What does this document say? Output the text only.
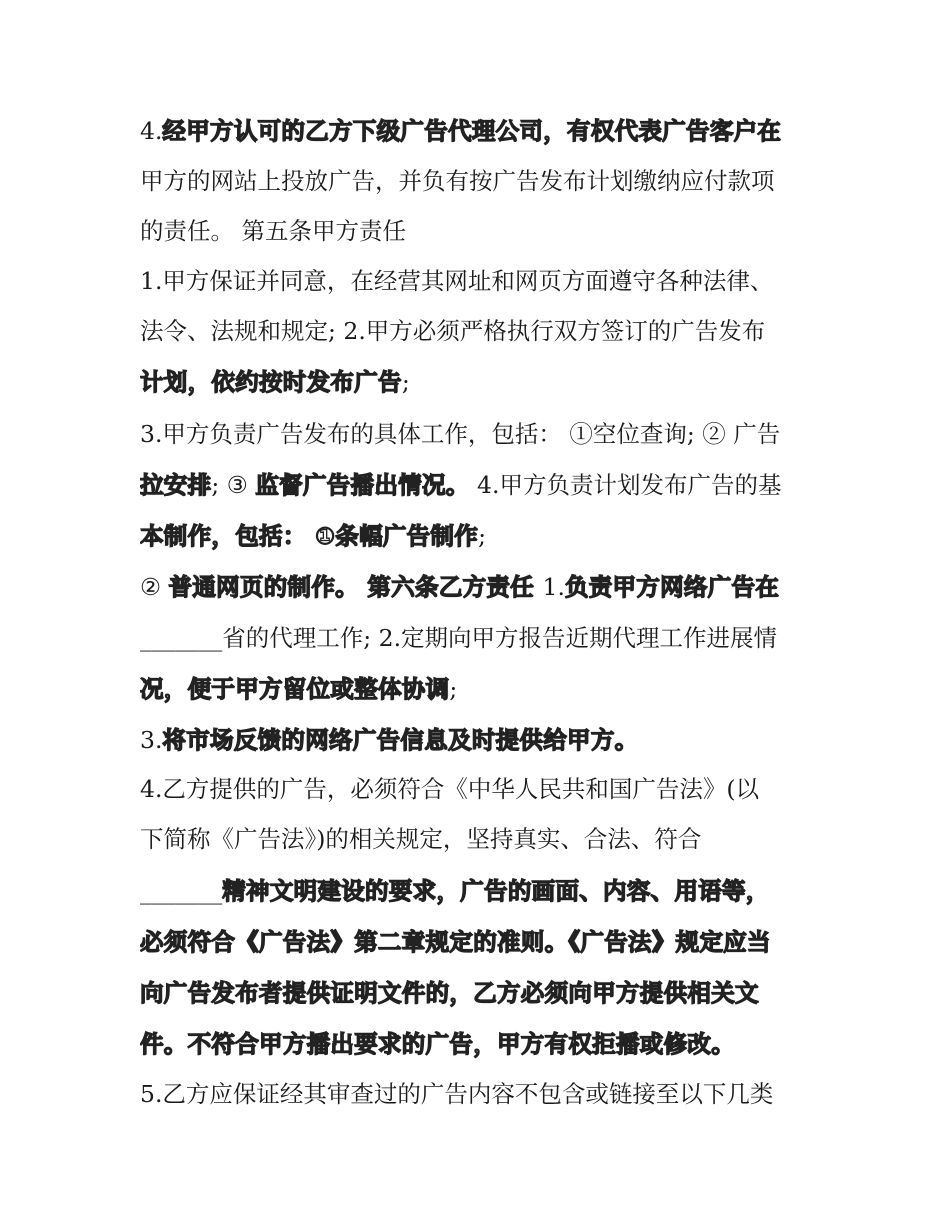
4.经甲方认可的乙方下级广告代理公司，有权代表广告客户在
甲方的网站上投放广告，并负有按广告发布计划缴纳应付款项
的责任。 第五条甲方责任
1.甲方保证并同意，在经营其网址和网页方面遵守各种法律、
法令、法规和规定; 2.甲方必须严格执行双方签订的广告发布
计划，依约按时发布广告;
3.甲方负责广告发布的具体工作，包括： ①空位查询; ② 广告
拉安排; ③ 监督广告播出情况。 4.甲方负责计划发布广告的基
本制作，包括： ①条幅广告制作;
② 普通网页的制作。 第六条乙方责任 1.负责甲方网络广告在
_______省的代理工作; 2.定期向甲方报告近期代理工作进展情
况，便于甲方留位或整体协调;
3.将市场反馈的网络广告信息及时提供给甲方。
4.乙方提供的广告，必须符合《中华人民共和国广告法》(以
下简称《广告法》)的相关规定，坚持真实、合法、符合
_______精神文明建设的要求，广告的画面、内容、用语等，
必须符合《广告法》第二章规定的准则。《广告法》规定应当
向广告发布者提供证明文件的，乙方必须向甲方提供相关文
件。不符合甲方播出要求的广告，甲方有权拒播或修改。
5.乙方应保证经其审查过的广告内容不包含或链接至以下几类
